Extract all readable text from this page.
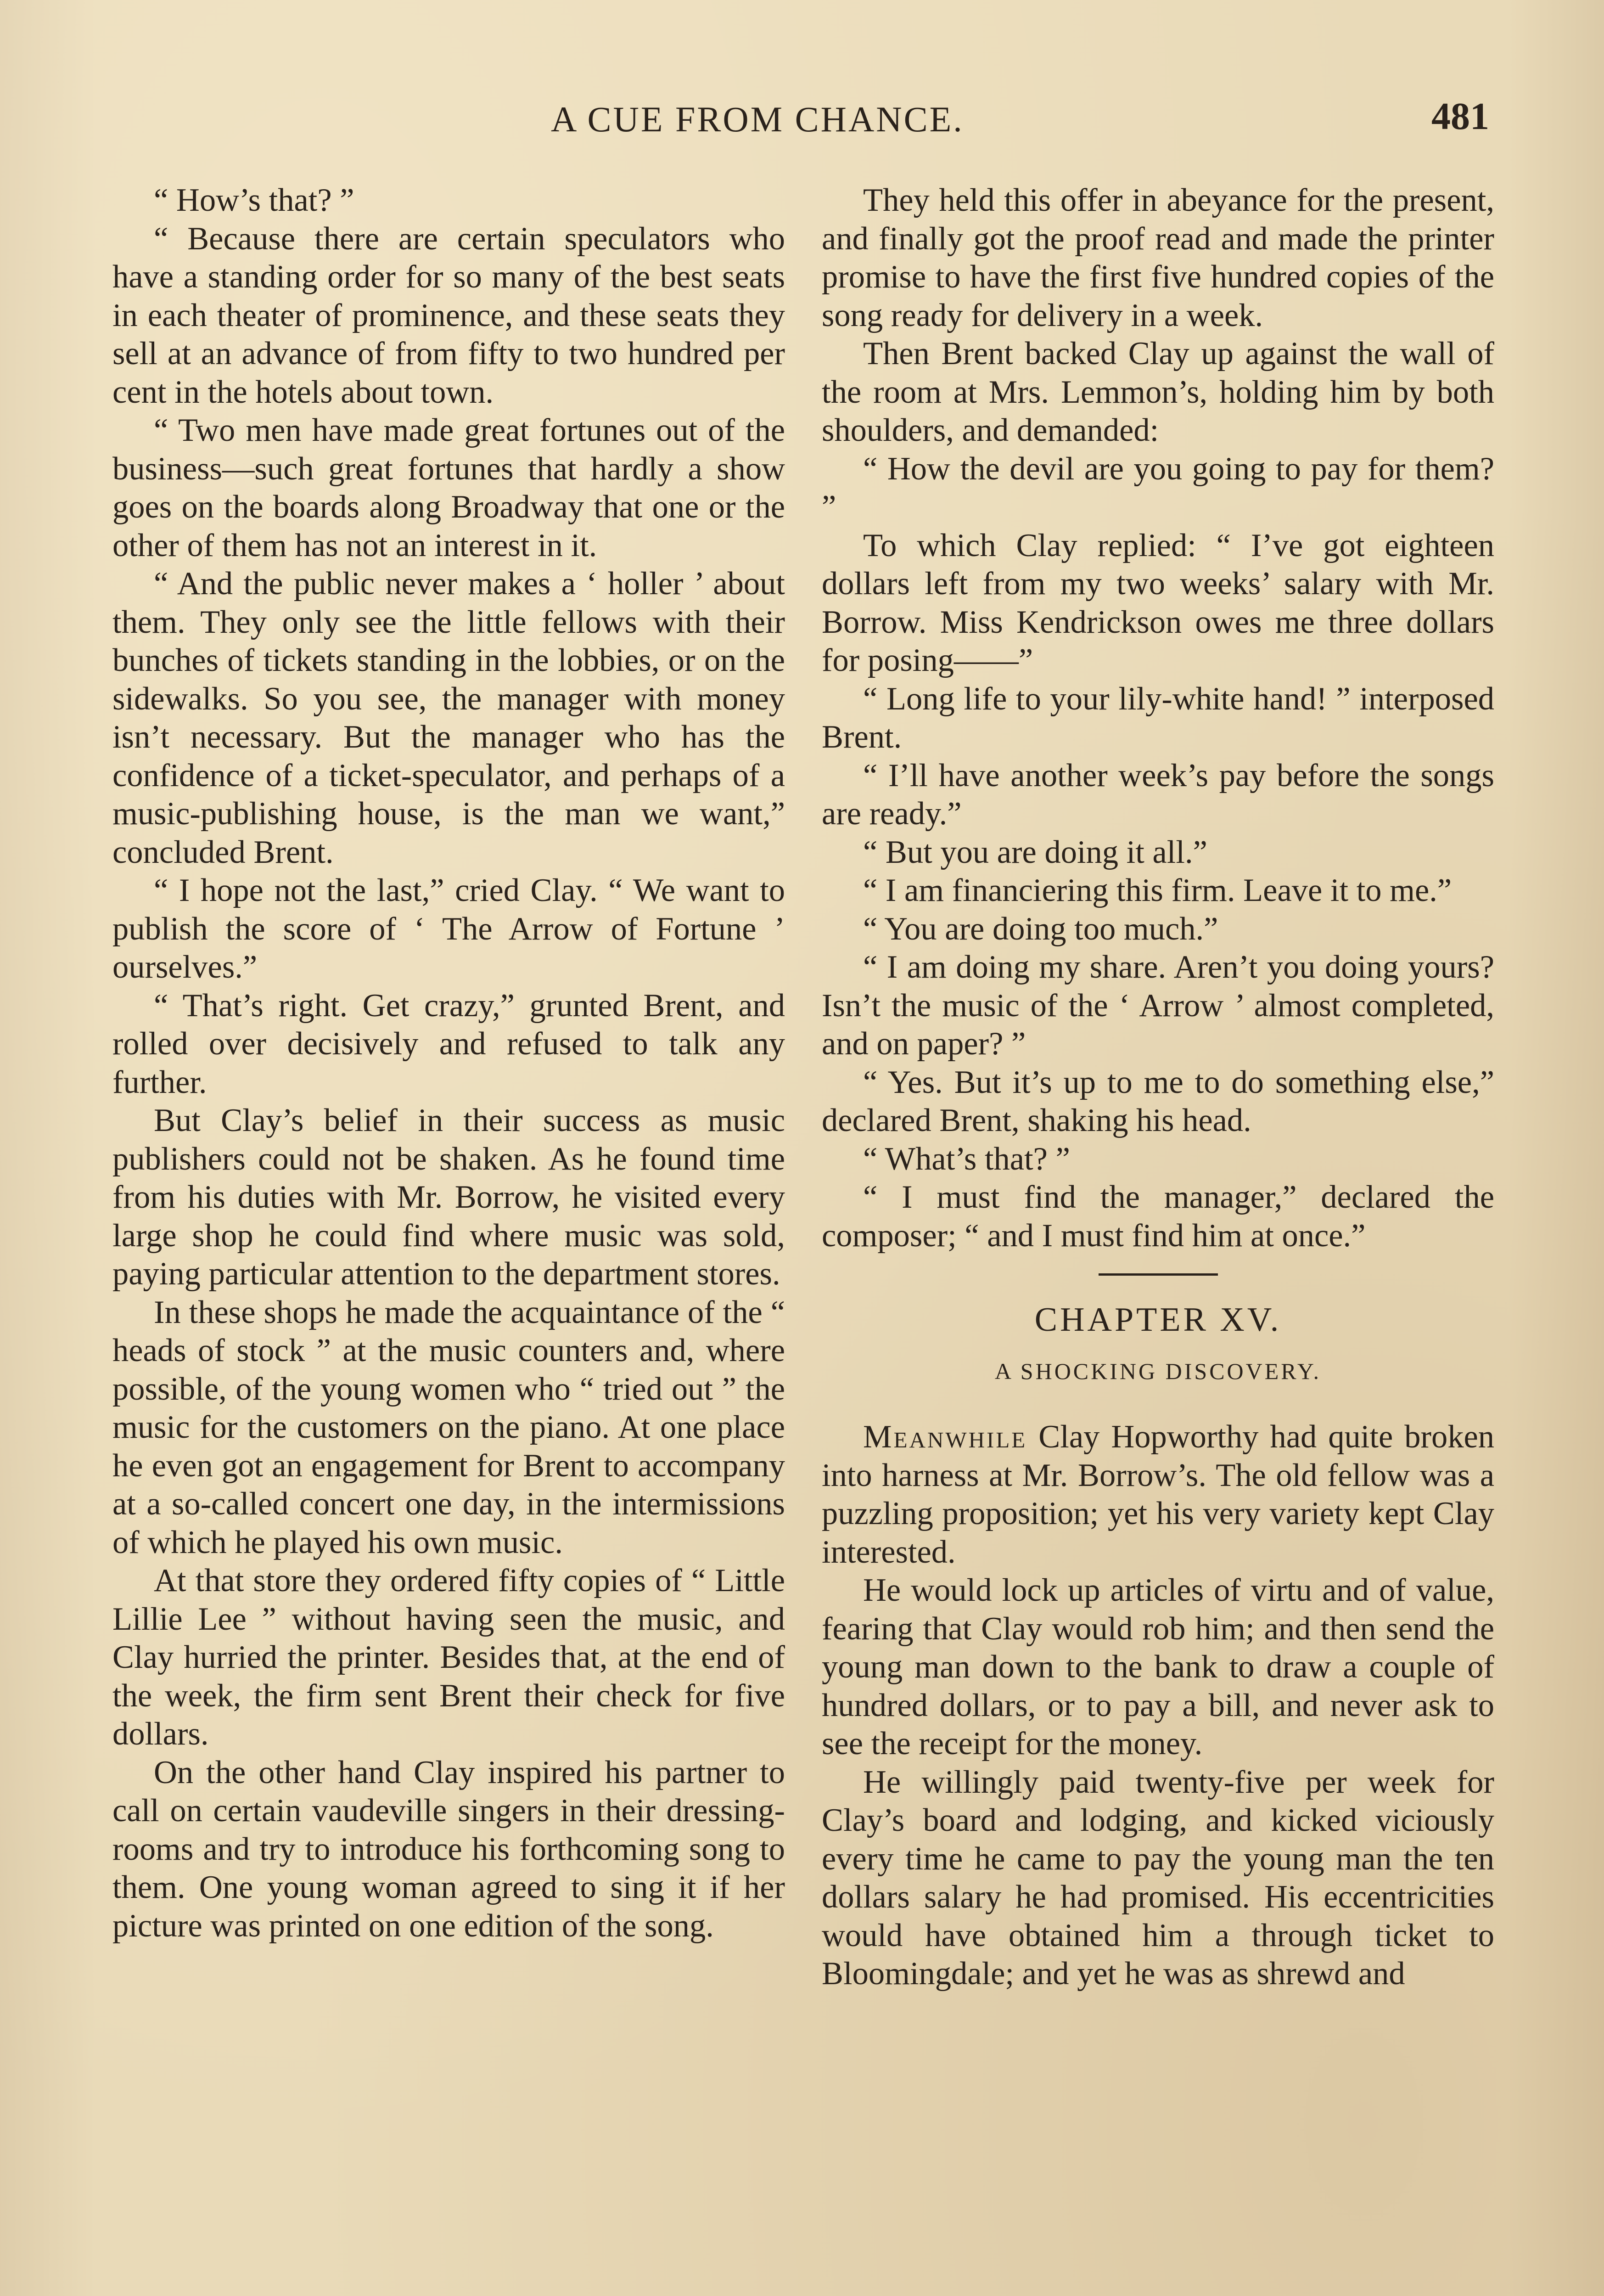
A CUE FROM CHANCE.	481

“ How’s that? ”

“ Because there are certain speculators who have a standing order for so many of the best seats in each theater of prominence, and these seats they sell at an advance of from fifty to two hundred per cent in the hotels about town.

“ Two men have made great fortunes out of the business—such great fortunes that hardly a show goes on the boards along Broadway that one or the other of them has not an interest in it.

“ And the public never makes a ‘ holler ’ about them. They only see the little fellows with their bunches of tickets standing in the lobbies, or on the sidewalks. So you see, the manager with money isn’t necessary. But the manager who has the confidence of a ticket-speculator, and perhaps of a music-publishing house, is the man we want,” concluded Brent.

“ I hope not the last,” cried Clay. “ We want to publish the score of ‘ The Arrow of Fortune ’ ourselves.”

“ That’s right. Get crazy,” grunted Brent, and rolled over decisively and refused to talk any further.

But Clay’s belief in their success as music publishers could not be shaken. As he found time from his duties with Mr. Borrow, he visited every large shop he could find where music was sold, paying particular attention to the department stores.

In these shops he made the acquaintance of the “ heads of stock ” at the music counters and, where possible, of the young women who “ tried out ” the music for the customers on the piano. At one place he even got an engagement for Brent to accompany at a so-called concert one day, in the intermissions of which he played his own music.

At that store they ordered fifty copies of “ Little Lillie Lee ” without having seen the music, and Clay hurried the printer. Besides that, at the end of the week, the firm sent Brent their check for five dollars.

On the other hand Clay inspired his partner to call on certain vaudeville singers in their dressing-rooms and try to introduce his forthcoming song to them. One young woman agreed to sing it if her picture was printed on one edition of the song.

They held this offer in abeyance for the present, and finally got the proof read and made the printer promise to have the first five hundred copies of the song ready for delivery in a week.

Then Brent backed Clay up against the wall of the room at Mrs. Lemmon’s, holding him by both shoulders, and demanded:

“ How the devil are you going to pay for them? ”

To which Clay replied: “ I’ve got eighteen dollars left from my two weeks’ salary with Mr. Borrow. Miss Kendrickson owes me three dollars for posing——”

“ Long life to your lily-white hand! ” interposed Brent.

“ I’ll have another week’s pay before the songs are ready.”

“ But you are doing it all.”

“ I am financiering this firm. Leave it to me.”

“ You are doing too much.”

“ I am doing my share. Aren’t you doing yours? Isn’t the music of the ‘ Arrow ’ almost completed, and on paper? ”

“ Yes. But it’s up to me to do something else,” declared Brent, shaking his head.

“ What’s that? ”

“ I must find the manager,” declared the composer; “ and I must find him at once.”

CHAPTER XV.
A SHOCKING DISCOVERY.

Meanwhile Clay Hopworthy had quite broken into harness at Mr. Borrow’s. The old fellow was a puzzling proposition; yet his very variety kept Clay interested.

He would lock up articles of virtu and of value, fearing that Clay would rob him; and then send the young man down to the bank to draw a couple of hundred dollars, or to pay a bill, and never ask to see the receipt for the money.

He willingly paid twenty-five per week for Clay’s board and lodging, and kicked viciously every time he came to pay the young man the ten dollars salary he had promised. His eccentricities would have obtained him a through ticket to Bloomingdale; and yet he was as shrewd and
